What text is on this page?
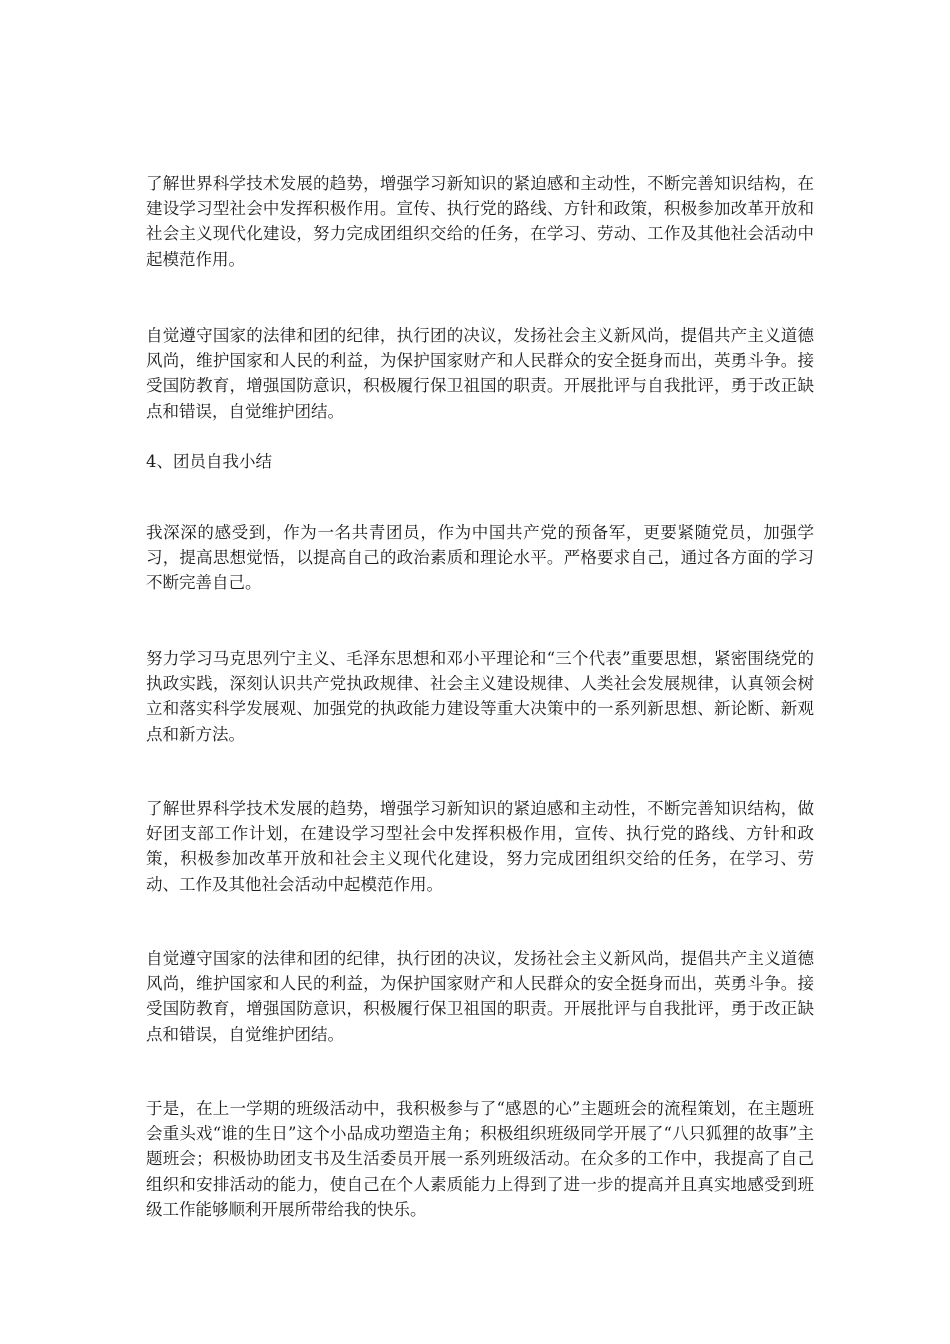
了解世界科学技术发展的趋势，增强学习新知识的紧迫感和主动性，不断完善知识结构，在建设学习型社会中发挥积极作用。宣传、执行党的路线、方针和政策，积极参加改革开放和社会主义现代化建设，努力完成团组织交给的任务，在学习、劳动、工作及其他社会活动中起模范作用。

自觉遵守国家的法律和团的纪律，执行团的决议，发扬社会主义新风尚，提倡共产主义道德风尚，维护国家和人民的利益，为保护国家财产和人民群众的安全挺身而出，英勇斗争。接受国防教育，增强国防意识，积极履行保卫祖国的职责。开展批评与自我批评，勇于改正缺点和错误，自觉维护团结。

4、团员自我小结

我深深的感受到，作为一名共青团员，作为中国共产党的预备军，更要紧随党员，加强学习，提高思想觉悟，以提高自己的政治素质和理论水平。严格要求自己，通过各方面的学习不断完善自己。

努力学习马克思列宁主义、毛泽东思想和邓小平理论和“三个代表”重要思想，紧密围绕党的执政实践，深刻认识共产党执政规律、社会主义建设规律、人类社会发展规律，认真领会树立和落实科学发展观、加强党的执政能力建设等重大决策中的一系列新思想、新论断、新观点和新方法。

了解世界科学技术发展的趋势，增强学习新知识的紧迫感和主动性，不断完善知识结构，做好团支部工作计划，在建设学习型社会中发挥积极作用，宣传、执行党的路线、方针和政策，积极参加改革开放和社会主义现代化建设，努力完成团组织交给的任务，在学习、劳动、工作及其他社会活动中起模范作用。

自觉遵守国家的法律和团的纪律，执行团的决议，发扬社会主义新风尚，提倡共产主义道德风尚，维护国家和人民的利益，为保护国家财产和人民群众的安全挺身而出，英勇斗争。接受国防教育，增强国防意识，积极履行保卫祖国的职责。开展批评与自我批评，勇于改正缺点和错误，自觉维护团结。

于是，在上一学期的班级活动中，我积极参与了“感恩的心”主题班会的流程策划，在主题班会重头戏“谁的生日”这个小品成功塑造主角；积极组织班级同学开展了“八只狐狸的故事”主题班会；积极协助团支书及生活委员开展一系列班级活动。在众多的工作中，我提高了自己组织和安排活动的能力，使自己在个人素质能力上得到了进一步的提高并且真实地感受到班级工作能够顺利开展所带给我的快乐。
